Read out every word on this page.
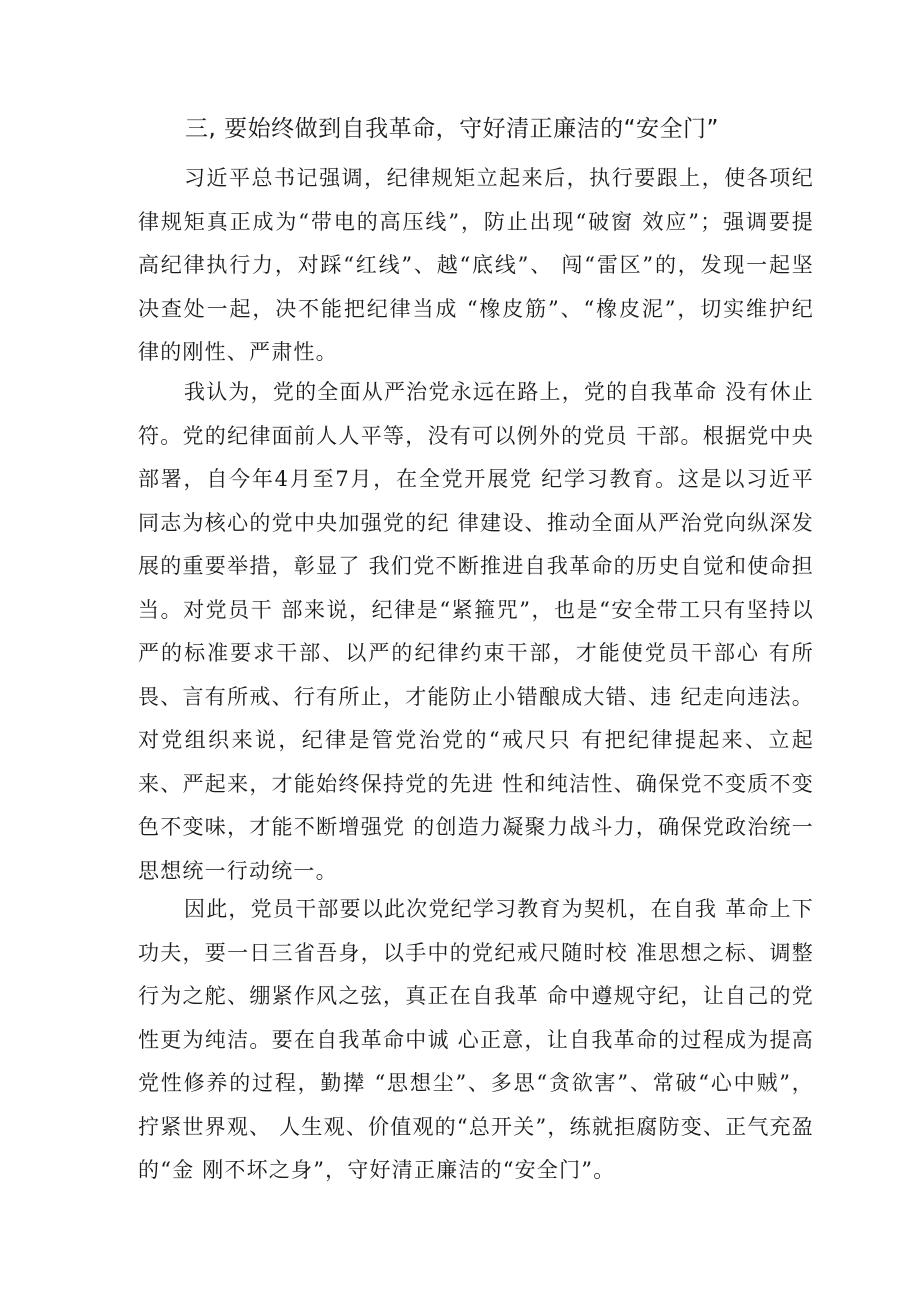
三, 要始终做到自我革命，守好清正廉洁的“安全门”

习近平总书记强调，纪律规矩立起来后，执行要跟上，使各项纪律规矩真正成为“带电的高压线”，防止出现“破窗 效应”；强调要提高纪律执行力，对踩“红线”、越“底线”、 闯“雷区”的，发现一起坚决查处一起，决不能把纪律当成 “橡皮筋”、“橡皮泥”，切实维护纪律的刚性、严肃性。

我认为，党的全面从严治党永远在路上，党的自我革命 没有休止符。党的纪律面前人人平等，没有可以例外的党员 干部。根据党中央部署，自今年4月至7月，在全党开展党 纪学习教育。这是以习近平同志为核心的党中央加强党的纪 律建设、推动全面从严治党向纵深发展的重要举措，彰显了 我们党不断推进自我革命的历史自觉和使命担当。对党员干 部来说，纪律是“紧箍咒”，也是“安全带工只有坚持以严的标准要求干部、以严的纪律约束干部，才能使党员干部心 有所畏、言有所戒、行有所止，才能防止小错酿成大错、违 纪走向违法。对党组织来说，纪律是管党治党的“戒尺只 有把纪律提起来、立起来、严起来，才能始终保持党的先进 性和纯洁性、确保党不变质不变色不变味，才能不断增强党 的创造力凝聚力战斗力，确保党政治统一思想统一行动统一。

因此，党员干部要以此次党纪学习教育为契机，在自我 革命上下功夫，要一日三省吾身，以手中的党纪戒尺随时校 准思想之标、调整行为之舵、绷紧作风之弦，真正在自我革 命中遵规守纪，让自己的党性更为纯洁。要在自我革命中诚 心正意，让自我革命的过程成为提高党性修养的过程，勤撵 “思想尘”、多思“贪欲害”、常破“心中贼”，拧紧世界观、 人生观、价值观的“总开关”，练就拒腐防变、正气充盈的“金 刚不坏之身”，守好清正廉洁的“安全门”。
